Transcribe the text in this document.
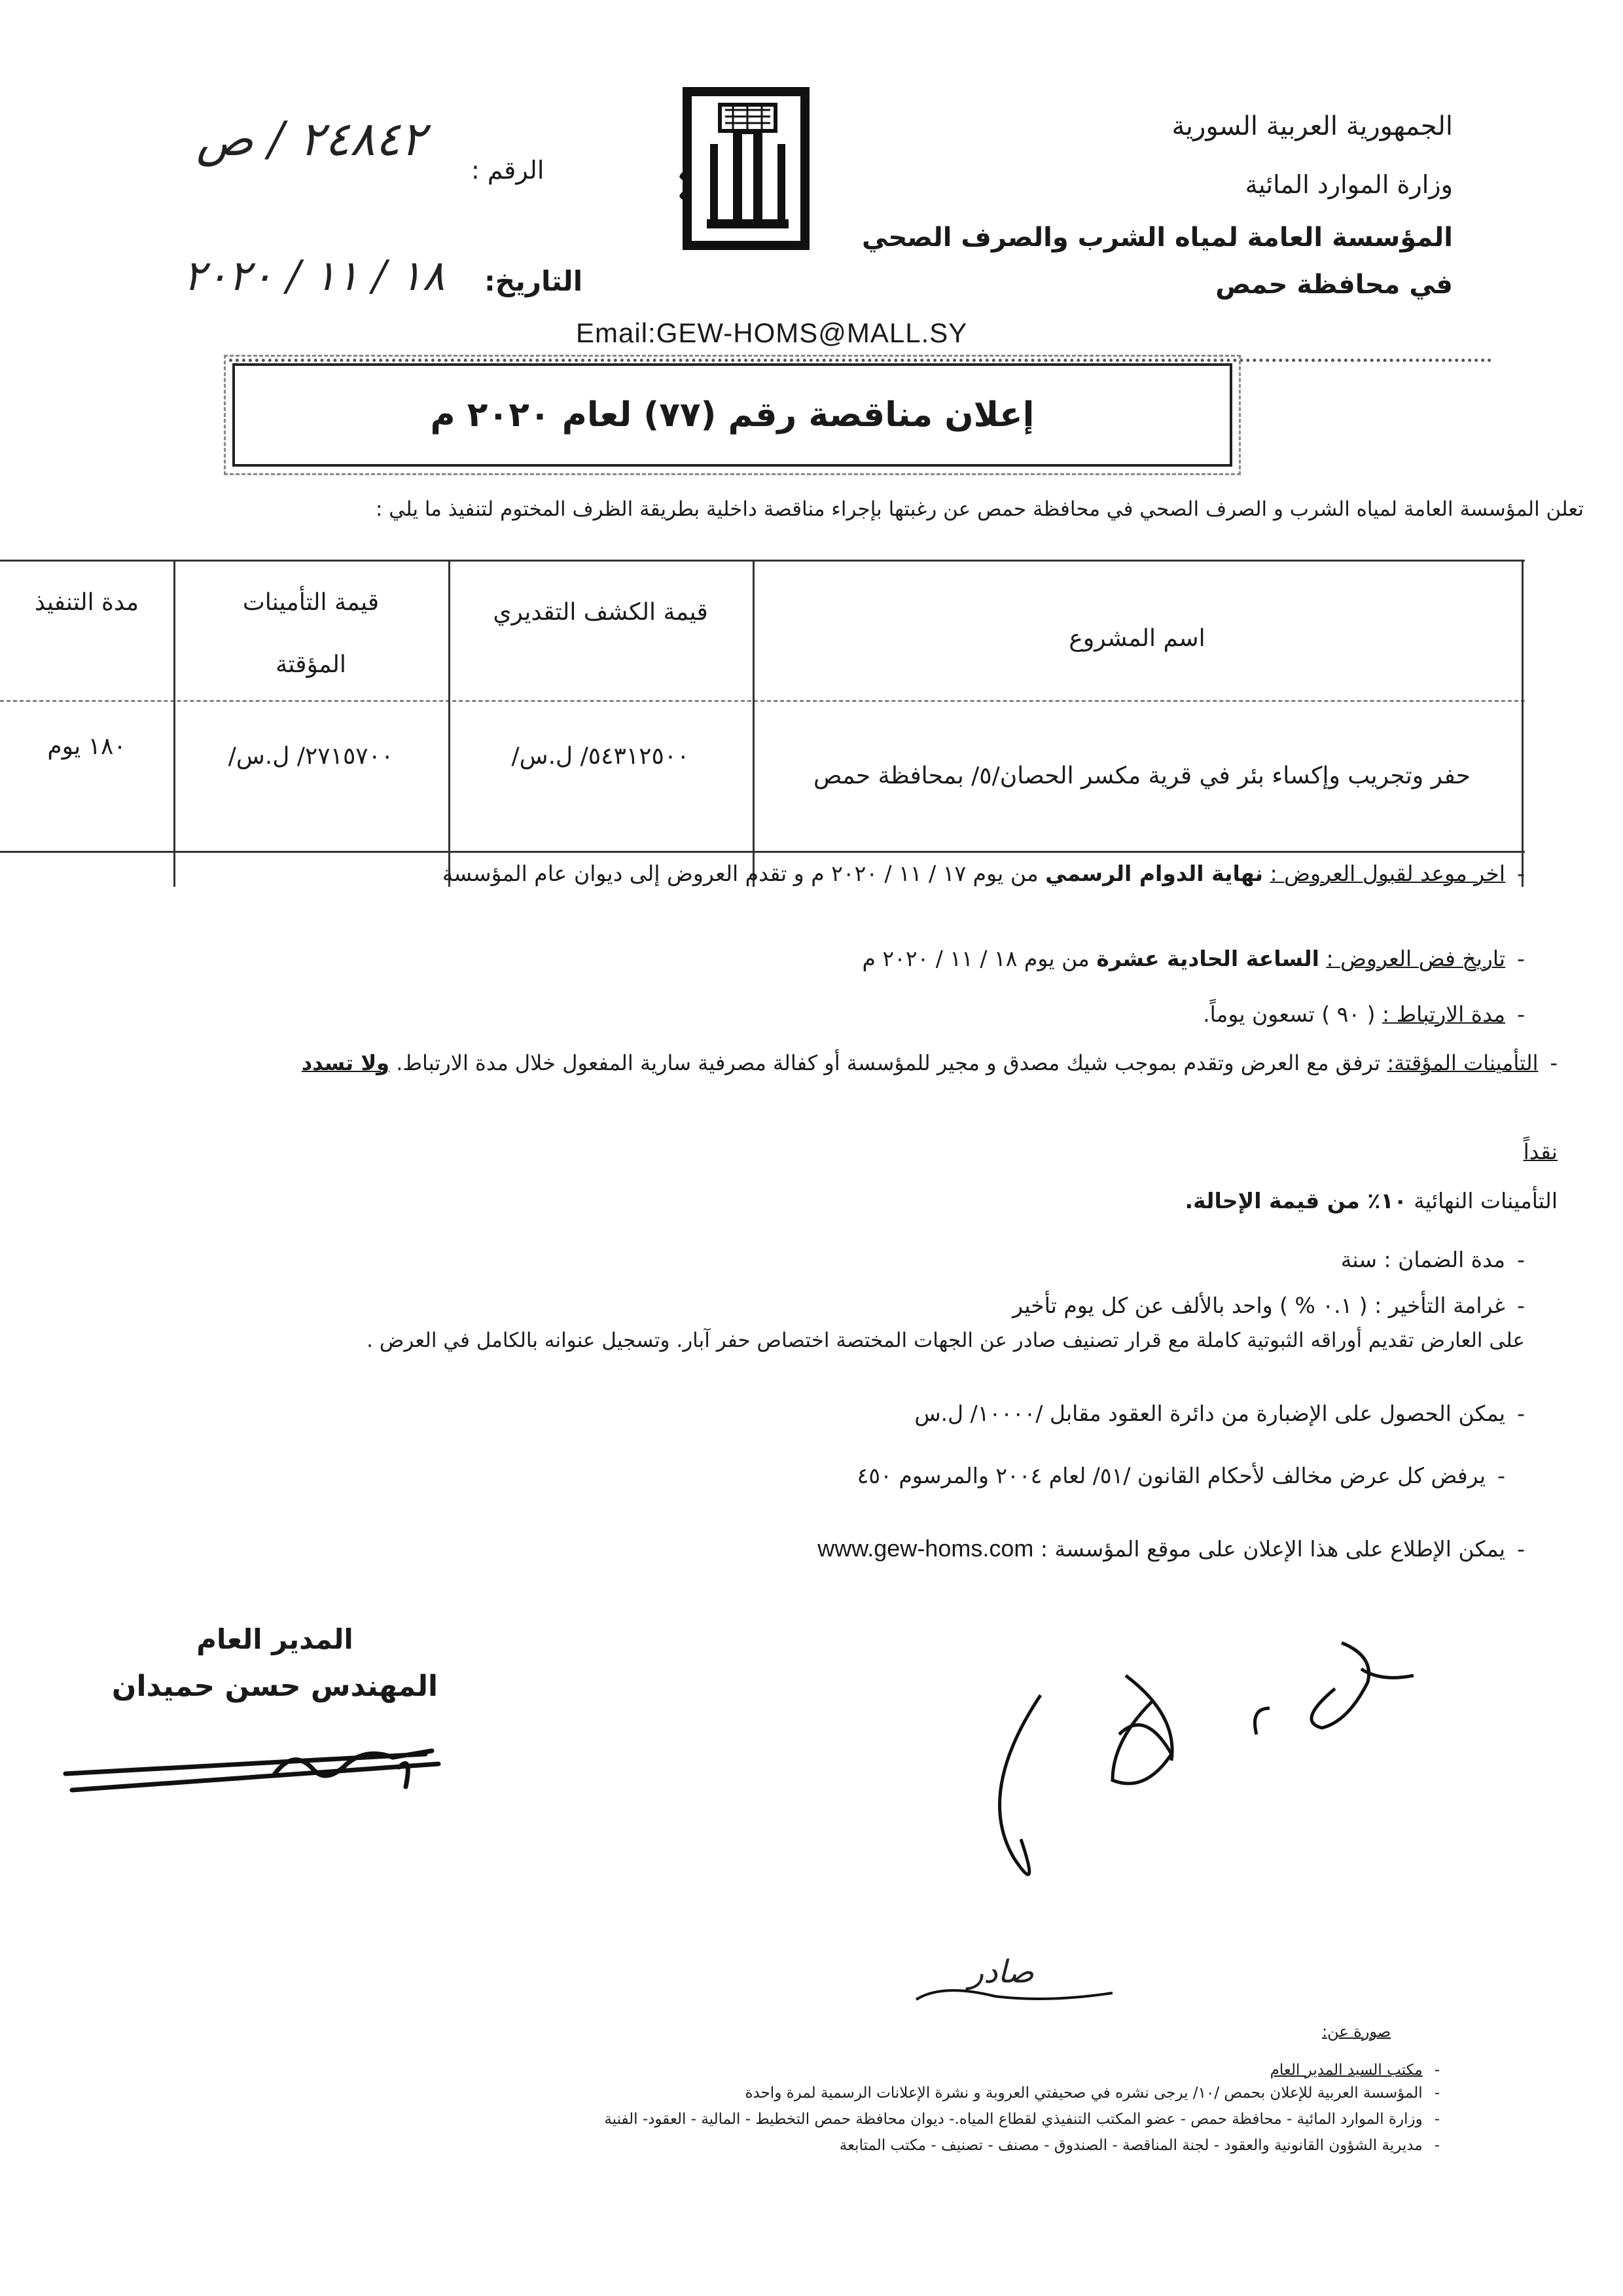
الجمهورية العربية السورية
وزارة الموارد المائية
المؤسسة العامة لمياه الشرب والصرف الصحي
في محافظة حمص
الرقم :
٢٤٨٤٢ / ص
التاريخ:
١٨ / ١١ / ٢٠٢٠
Email:GEW-HOMS@MALL.SY
إعلان مناقصة رقم (٧٧) لعام ٢٠٢٠ م
تعلن المؤسسة العامة لمياه الشرب و الصرف الصحي في محافظة حمص عن رغبتها بإجراء مناقصة داخلية بطريقة الظرف المختوم لتنفيذ ما يلي :
اسم المشروع
قيمة الكشف التقديري
قيمة التأمينات
المؤقتة
مدة التنفيذ
حفر وتجريب وإكساء بئر في قرية مكسر الحصان/٥/ بمحافظة حمص
/٥٤٣١٢٥٠٠/ ل.س
/٢٧١٥٧٠٠/ ل.س
١٨٠ يوم
-اخر موعد لقبول العروض : نهاية الدوام الرسمي من يوم ١٧ / ١١ / ٢٠٢٠ م و تقدم العروض إلى ديوان عام المؤسسة
-تاريخ فض العروض : الساعة الحادية عشرة من يوم ١٨ / ١١ / ٢٠٢٠ م
-مدة الارتباط : ( ٩٠ ) تسعون يوماً.
-التأمينات المؤقتة: ترفق مع العرض وتقدم بموجب شيك مصدق و مجير للمؤسسة أو كفالة مصرفية سارية المفعول خلال مدة الارتباط. ولا تسدد
نقداً
التأمينات النهائية ١٠٪ من قيمة الإحالة.
-مدة الضمان : سنة
-غرامة التأخير : ( ٠.١ % ) واحد بالألف عن كل يوم تأخير
على العارض تقديم أوراقه الثبوتية كاملة مع قرار تصنيف صادر عن الجهات المختصة اختصاص حفر آبار. وتسجيل عنوانه بالكامل في العرض .
-يمكن الحصول على الإضبارة من دائرة العقود مقابل /١٠٠٠٠/ ل.س
-يرفض كل عرض مخالف لأحكام القانون /٥١/ لعام ٢٠٠٤ والمرسوم ٤٥٠
-يمكن الإطلاع على هذا الإعلان على موقع المؤسسة : www.gew-homs.com
المدير العام
المهندس حسن حميدان
صادر
صورة عن:
-مكتب السيد المدير العام
-المؤسسة العربية للإعلان بحمص /١٠/ يرجى نشره في صحيفتي العروبة و نشرة الإعلانات الرسمية لمرة واحدة
-وزارة الموارد المائية - محافظة حمص - عضو المكتب التنفيذي لقطاع المياه.- ديوان محافظة حمص التخطيط - المالية - العقود- الفنية
-مديرية الشؤون القانونية والعقود - لجنة المناقصة - الصندوق - مصنف - تصنيف - مكتب المتابعة
